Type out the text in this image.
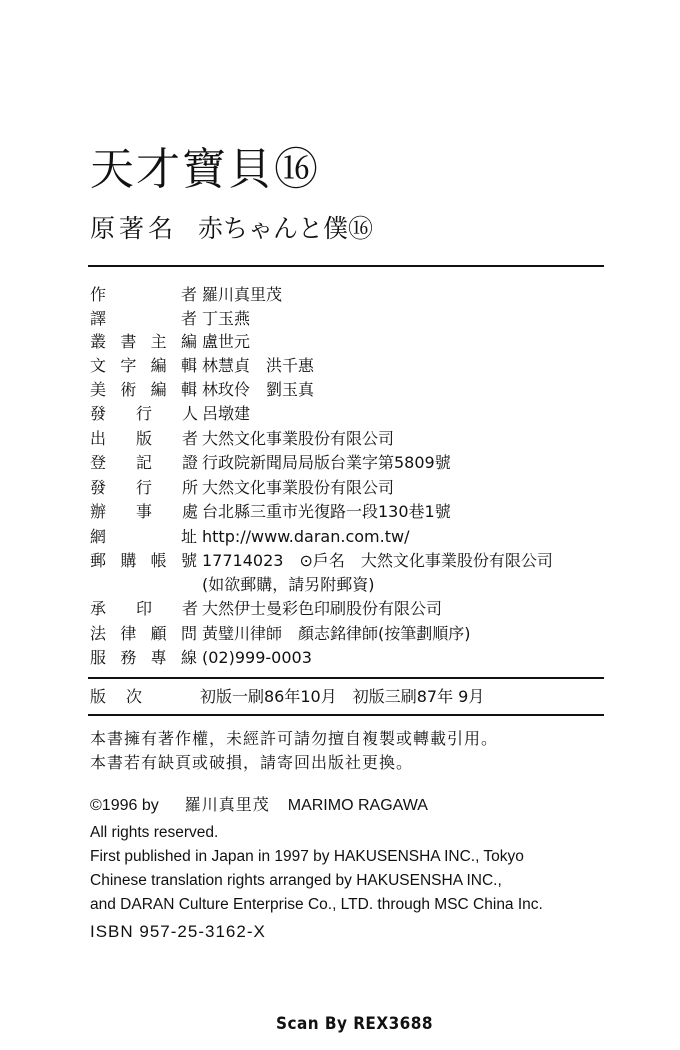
天才寶貝⑯
原著名 赤ちゃんと僕⑯
作　　者 羅川真里茂
譯　　者 丁玉燕
叢書主編 盧世元
文字編輯 林慧貞　洪千惠
美術編輯 林玫伶　劉玉真
發 行 人 呂墩建
出 版 者 大然文化事業股份有限公司
登 記 證 行政院新聞局局版台業字第5809號
發 行 所 大然文化事業股份有限公司
辦 事 處 台北縣三重市光復路一段130巷1號
網　　址 http://www.daran.com.tw/
郵購帳號 17714023　⊙戶名　大然文化事業股份有限公司
(如欲郵購，請另附郵資)
承 印 者 大然伊士曼彩色印刷股份有限公司
法律顧問 黃璧川律師　顏志銘律師(按筆劃順序)
服務專線 (02)999-0003
版次 初版一刷86年10月　初版三刷87年 9月
本書擁有著作權，未經許可請勿擅自複製或轉載引用。
本書若有缺頁或破損，請寄回出版社更換。
©1996 by 羅川真里茂 MARIMO RAGAWA
All rights reserved.
First published in Japan in 1997 by HAKUSENSHA INC., Tokyo
Chinese translation rights arranged by HAKUSENSHA INC.,
and DARAN Culture Enterprise Co., LTD. through MSC China Inc.
ISBN 957-25-3162-X
Scan By REX3688
